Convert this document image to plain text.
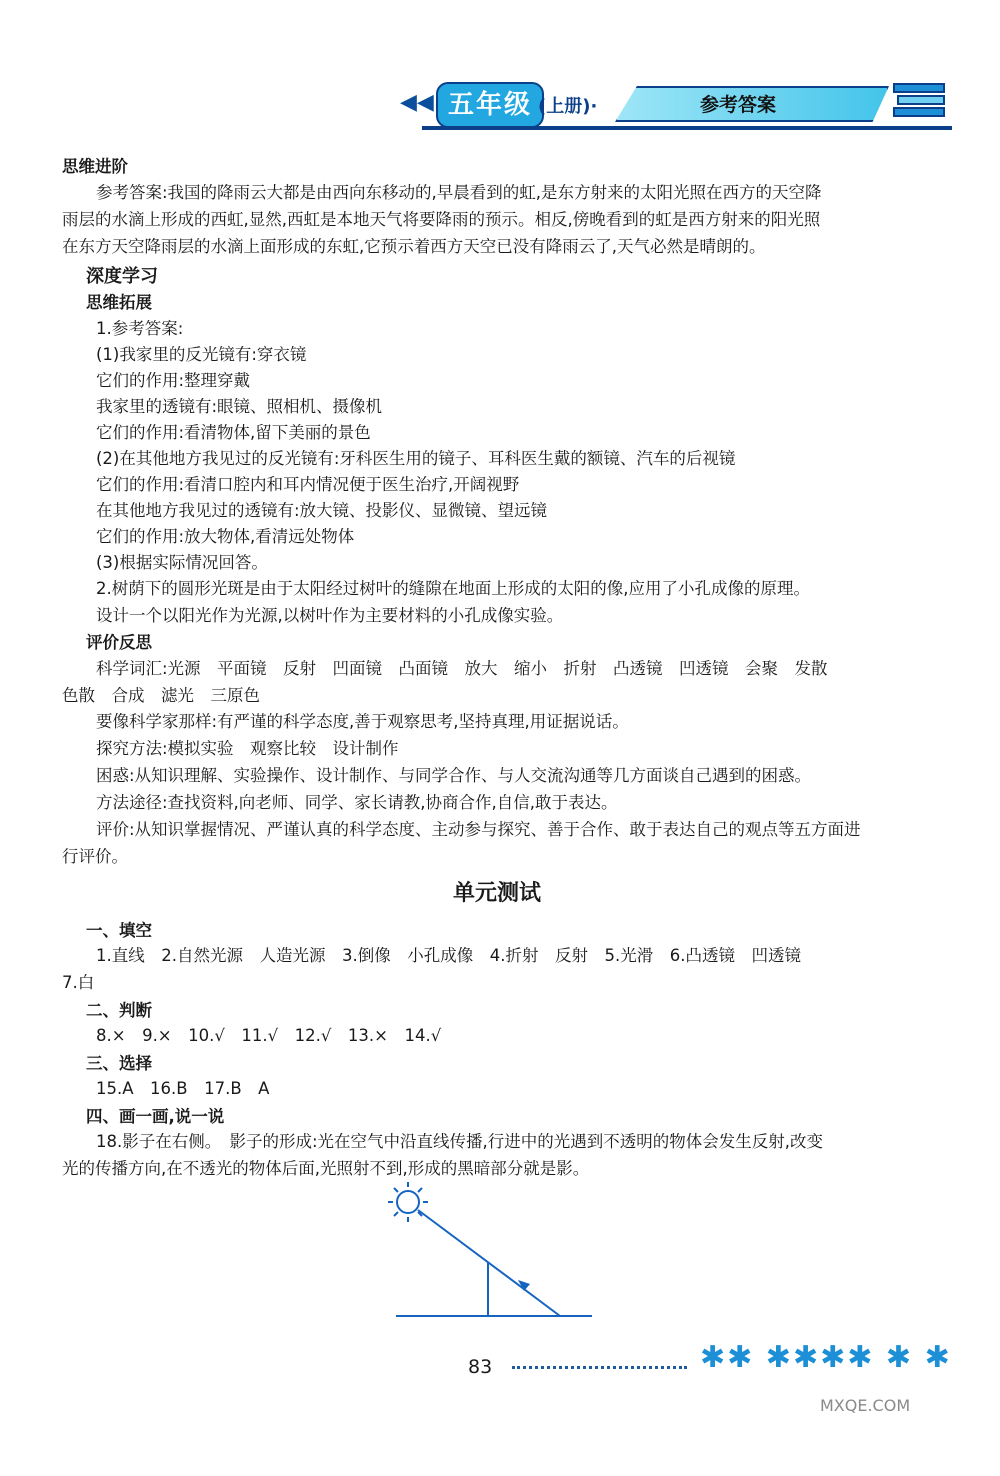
◀◀ 五年级 (上册)·	参考答案
思维进阶
参考答案:我国的降雨云大都是由西向东移动的,早晨看到的虹,是东方射来的太阳光照在西方的天空降
雨层的水滴上形成的西虹,显然,西虹是本地天气将要降雨的预示。相反,傍晚看到的虹是西方射来的阳光照
在东方天空降雨层的水滴上面形成的东虹,它预示着西方天空已没有降雨云了,天气必然是晴朗的。
深度学习
思维拓展
1.参考答案:
(1)我家里的反光镜有:穿衣镜
它们的作用:整理穿戴
我家里的透镜有:眼镜、照相机、摄像机
它们的作用:看清物体,留下美丽的景色
(2)在其他地方我见过的反光镜有:牙科医生用的镜子、耳科医生戴的额镜、汽车的后视镜
它们的作用:看清口腔内和耳内情况便于医生治疗,开阔视野
在其他地方我见过的透镜有:放大镜、投影仪、显微镜、望远镜
它们的作用:放大物体,看清远处物体
(3)根据实际情况回答。
2.树荫下的圆形光斑是由于太阳经过树叶的缝隙在地面上形成的太阳的像,应用了小孔成像的原理。
设计一个以阳光作为光源,以树叶作为主要材料的小孔成像实验。
评价反思
科学词汇:光源　平面镜　反射　凹面镜　凸面镜　放大　缩小　折射　凸透镜　凹透镜　会聚　发散
色散　合成　滤光　三原色
要像科学家那样:有严谨的科学态度,善于观察思考,坚持真理,用证据说话。
探究方法:模拟实验　观察比较　设计制作
困惑:从知识理解、实验操作、设计制作、与同学合作、与人交流沟通等几方面谈自己遇到的困惑。
方法途径:查找资料,向老师、同学、家长请教,协商合作,自信,敢于表达。
评价:从知识掌握情况、严谨认真的科学态度、主动参与探究、善于合作、敢于表达自己的观点等五方面进
行评价。
单元测试
一、填空
1.直线　2.自然光源　人造光源　3.倒像　小孔成像　4.折射　反射　5.光滑　6.凸透镜　凹透镜
7.白
二、判断
8.×　9.×　10.√　11.√　12.√　13.×　14.√
三、选择
15.A　16.B　17.B　A
四、画一画,说一说
18.影子在右侧。　影子的形成:光在空气中沿直线传播,行进中的光遇到不透明的物体会发生反射,改变
光的传播方向,在不透光的物体后面,光照射不到,形成的黑暗部分就是影。
83	✱✱ ✱✱✱✱ ✱ ✱
MXQE.COM
